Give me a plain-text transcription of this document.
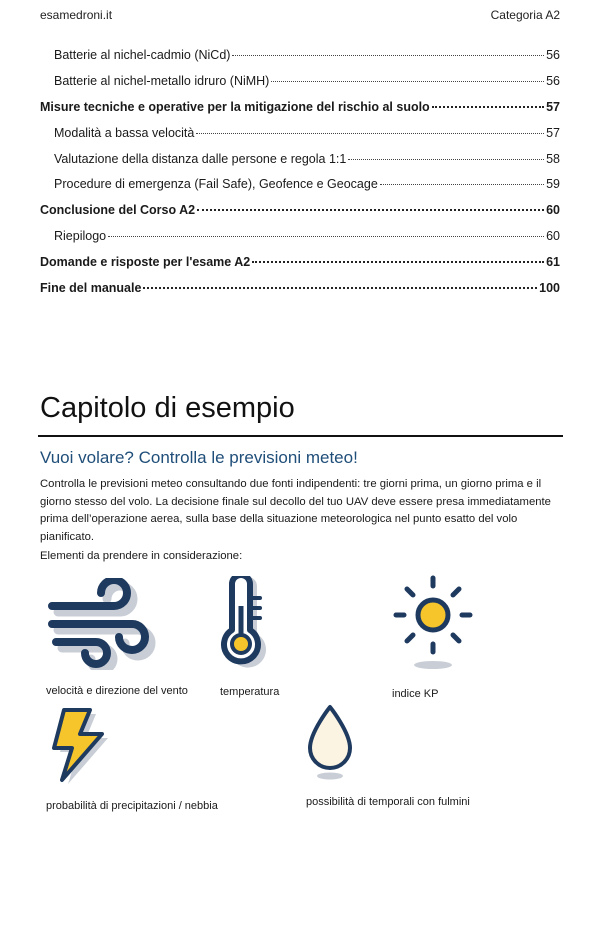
esamedroni.it	Categoria A2
Batterie al nichel-cadmio (NiCd)	56
Batterie al nichel-metallo idruro (NiMH)	56
Misure tecniche e operative per la mitigazione del rischio al suolo	57
Modalità a bassa velocità	57
Valutazione della distanza dalle persone e regola 1:1	58
Procedure di emergenza (Fail Safe), Geofence e Geocage	59
Conclusione del Corso A2	60
Riepilogo	60
Domande e risposte per l'esame A2	61
Fine del manuale	100
Capitolo di esempio
Vuoi volare? Controlla le previsioni meteo!

Controlla le previsioni meteo consultando due fonti indipendenti: tre giorni prima, un giorno prima e il giorno stesso del volo. La decisione finale sul decollo del tuo UAV deve essere presa immediatamente prima dell’operazione aerea, sulla base della situazione meteorologica nel punto esatto del volo pianificato.

Elementi da prendere in considerazione:

velocità e direzione del vento	temperatura	indice KP
probabilità di precipitazioni / nebbia	possibilità di temporali con fulmini
